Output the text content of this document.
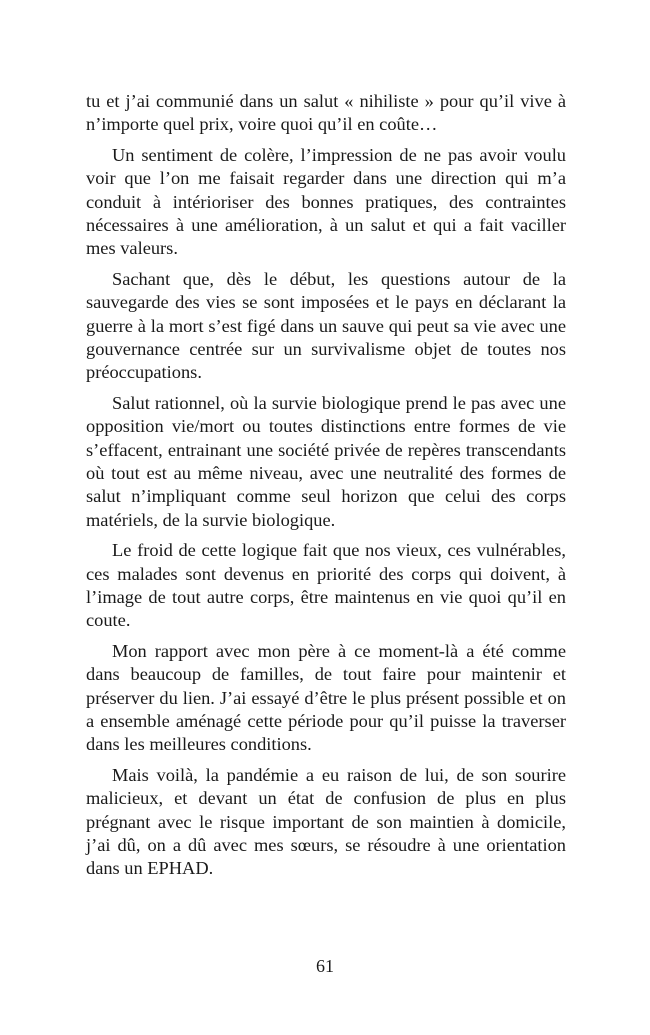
tu et j’ai communié dans un salut « nihiliste » pour qu’il vive à n’importe quel prix, voire quoi qu’il en coûte…

Un sentiment de colère, l’impression de ne pas avoir voulu voir que l’on me faisait regarder dans une direction qui m’a conduit à intérioriser des bonnes pratiques, des contraintes nécessaires à une amélioration, à un salut et qui a fait vaciller mes valeurs.

Sachant que, dès le début, les questions autour de la sauvegarde des vies se sont imposées et le pays en déclarant la guerre à la mort s’est figé dans un sauve qui peut sa vie avec une gouvernance centrée sur un survivalisme objet de toutes nos préoccupations.

Salut rationnel, où la survie biologique prend le pas avec une opposition vie/mort ou toutes distinctions entre formes de vie s’effacent, entrainant une société privée de repères transcendants où tout est au même niveau, avec une neutralité des formes de salut n’impliquant comme seul horizon que celui des corps matériels, de la survie biologique.

Le froid de cette logique fait que nos vieux, ces vulnérables, ces malades sont devenus en priorité des corps qui doivent, à l’image de tout autre corps, être maintenus en vie quoi qu’il en coute.

Mon rapport avec mon père à ce moment-là a été comme dans beaucoup de familles, de tout faire pour maintenir et préserver du lien. J’ai essayé d’être le plus présent possible et on a ensemble aménagé cette période pour qu’il puisse la traverser dans les meilleures conditions.

Mais voilà, la pandémie a eu raison de lui, de son sourire malicieux, et devant un état de confusion de plus en plus prégnant avec le risque important de son maintien à domicile, j’ai dû, on a dû avec mes sœurs, se résoudre à une orientation dans un EPHAD.

61
